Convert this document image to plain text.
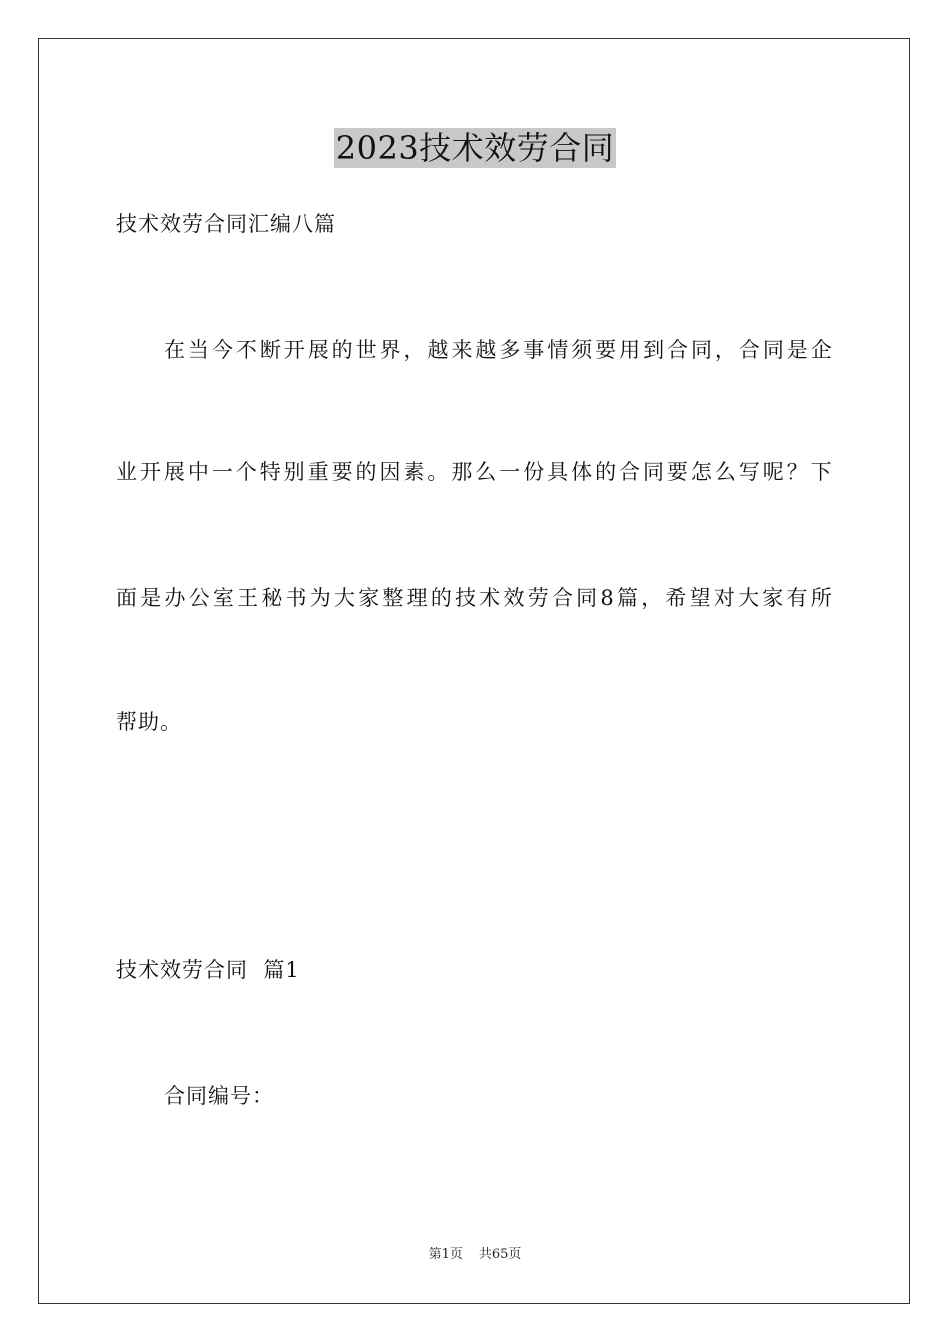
2023技术效劳合同
技术效劳合同汇编八篇
在 当 今 不 断 开 展 的 世 界 ， 越 来 越 多 事 情 须 要 用 到 合 同 ， 合 同 是 企
业 开 展 中 一 个 特 别 重 要 的 因 素 。 那 么 一 份 具 体 的 合 同 要 怎 么 写 呢 ？ 下
面 是 办 公 室 王 秘 书 为 大 家 整 理 的 技 术 效 劳 合 同 8 篇 ， 希 望 对 大 家 有 所
帮助。
技术效劳合同  篇1
合同编号：
第1页 共65页
